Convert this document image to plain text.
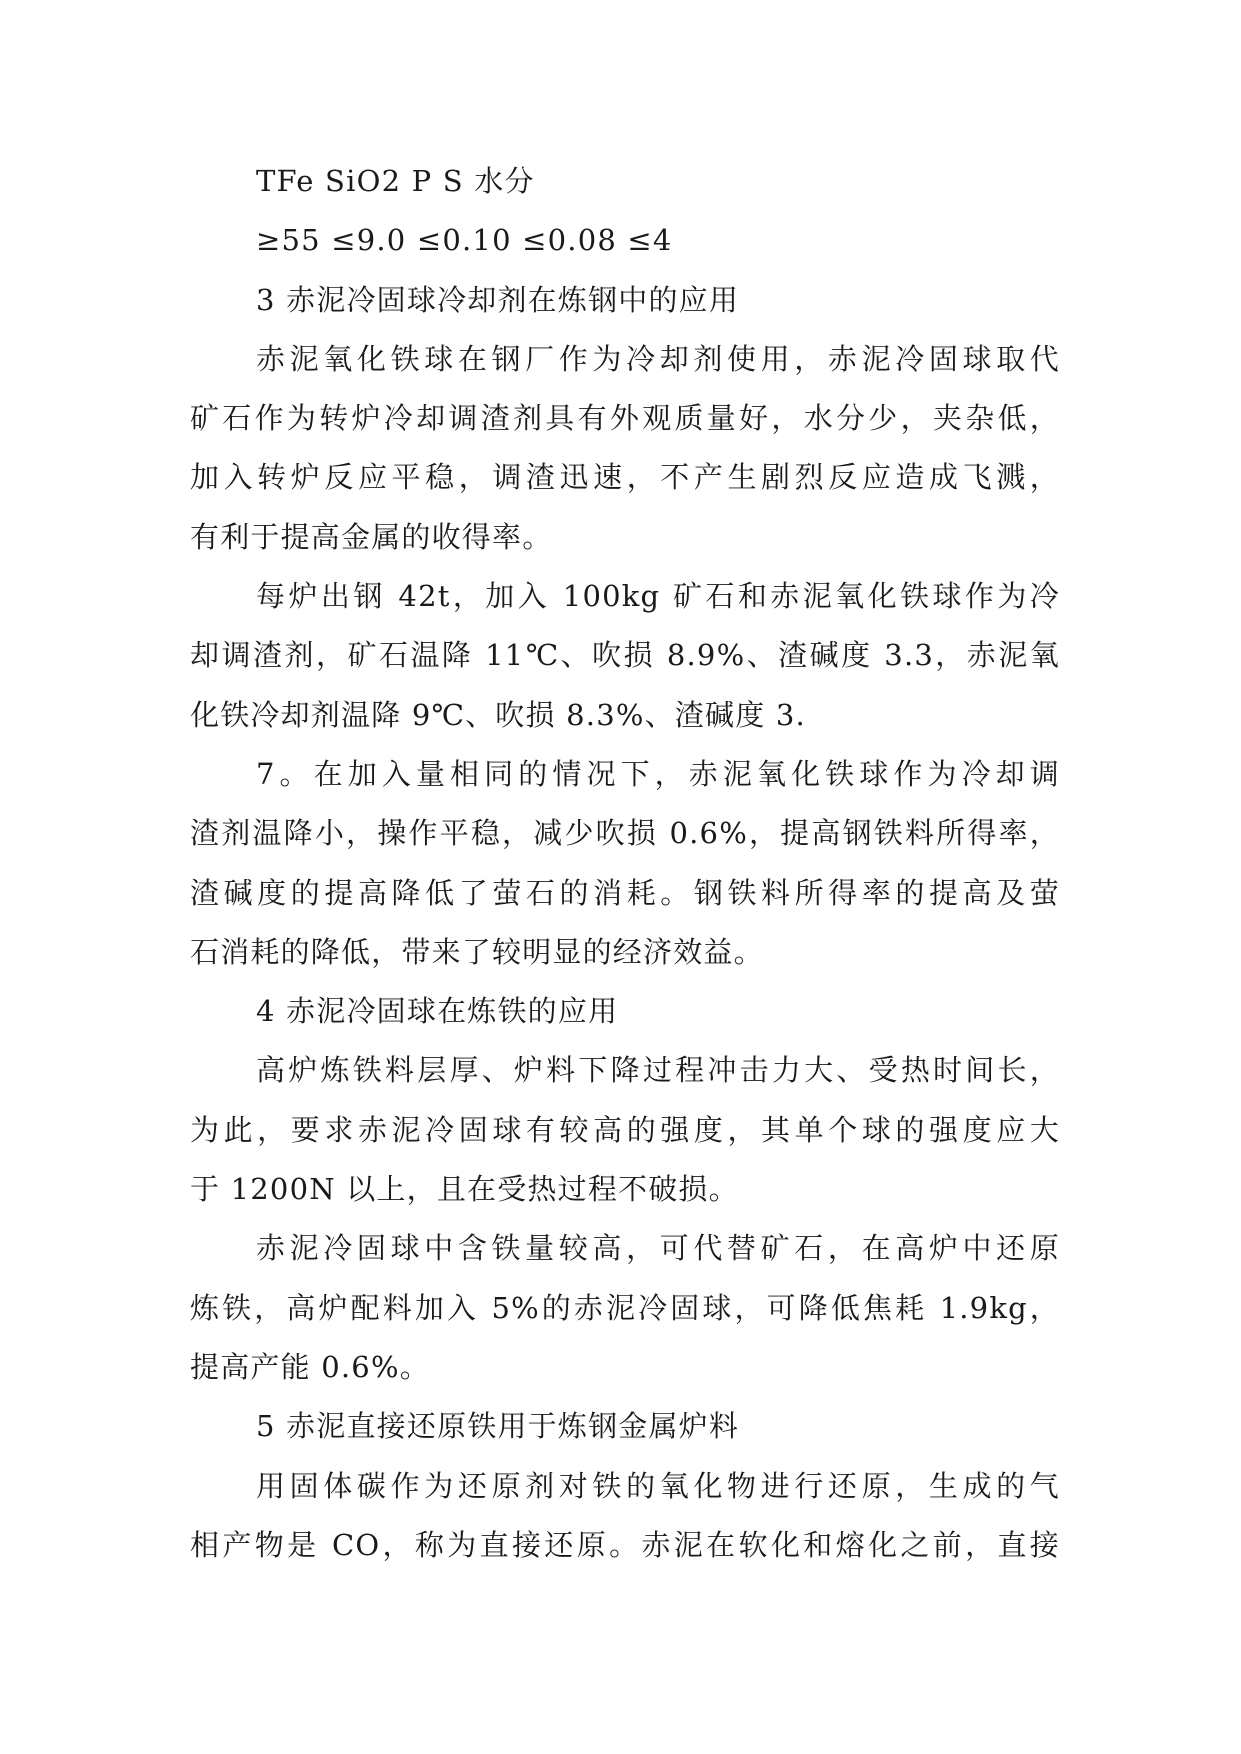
TFe SiO2 P S 水分
≥55 ≤9.0 ≤0.10 ≤0.08 ≤4
3 赤泥冷固球冷却剂在炼钢中的应用
赤泥氧化铁球在钢厂作为冷却剂使用，赤泥冷固球取代
矿石作为转炉冷却调渣剂具有外观质量好，水分少，夹杂低，
加入转炉反应平稳，调渣迅速，不产生剧烈反应造成飞溅，
有利于提高金属的收得率。
每炉出钢 42t，加入 100kg 矿石和赤泥氧化铁球作为冷
却调渣剂，矿石温降 11℃、吹损 8.9%、渣碱度 3.3，赤泥氧
化铁冷却剂温降 9℃、吹损 8.3%、渣碱度 3.
7。在加入量相同的情况下，赤泥氧化铁球作为冷却调
渣剂温降小，操作平稳，减少吹损 0.6%，提高钢铁料所得率，
渣碱度的提高降低了萤石的消耗。钢铁料所得率的提高及萤
石消耗的降低，带来了较明显的经济效益。
4 赤泥冷固球在炼铁的应用
高炉炼铁料层厚、炉料下降过程冲击力大、受热时间长，
为此，要求赤泥冷固球有较高的强度，其单个球的强度应大
于 1200N 以上，且在受热过程不破损。
赤泥冷固球中含铁量较高，可代替矿石，在高炉中还原
炼铁，高炉配料加入 5%的赤泥冷固球，可降低焦耗 1.9kg，
提高产能 0.6%。
5 赤泥直接还原铁用于炼钢金属炉料
用固体碳作为还原剂对铁的氧化物进行还原，生成的气
相产物是 CO，称为直接还原。赤泥在软化和熔化之前，直接
